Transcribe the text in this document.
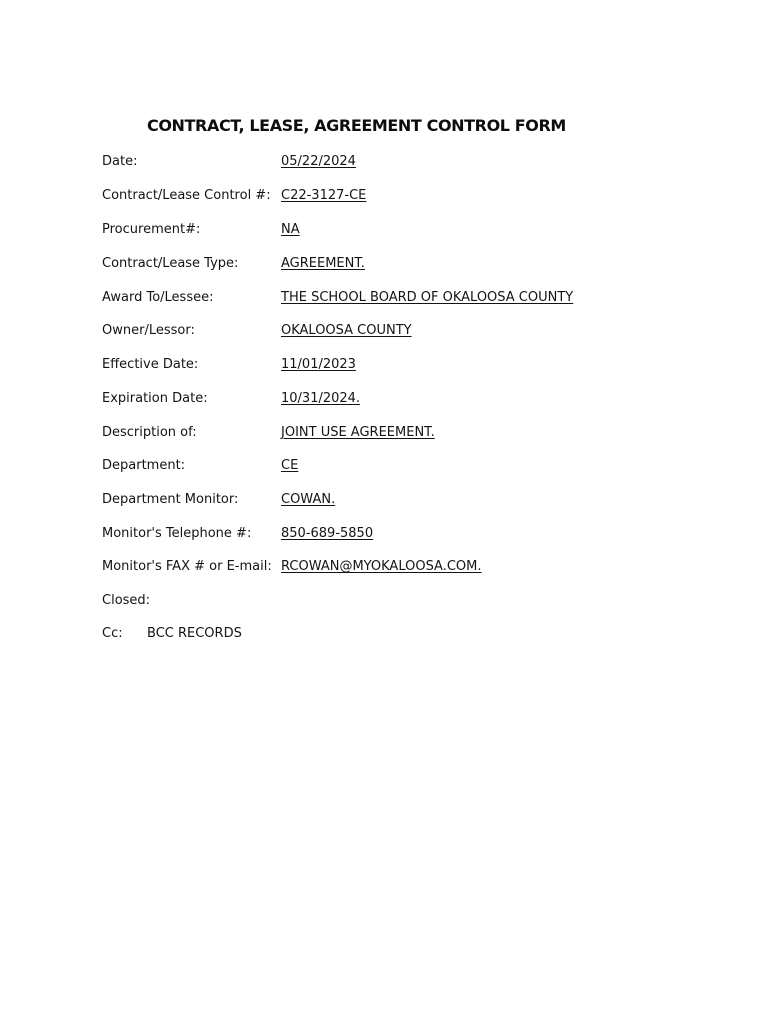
CONTRACT, LEASE, AGREEMENT CONTROL FORM
Date:	05/22/2024
Contract/Lease Control #: C22-3127-CE
Procurement#:	NA
Contract/Lease Type:	AGREEMENT.
Award To/Lessee:	THE SCHOOL BOARD OF OKALOOSA COUNTY
Owner/Lessor:	OKALOOSA COUNTY
Effective Date:	11/01/2023
Expiration Date:	10/31/2024.
Description of:	JOINT USE AGREEMENT.
Department:	CE
Department Monitor:	COWAN.
Monitor's Telephone #: 850-689-5850
Monitor's FAX # or E-mail: RCOWAN@MYOKALOOSA.COM.
Closed:
Cc: BCC RECORDS
